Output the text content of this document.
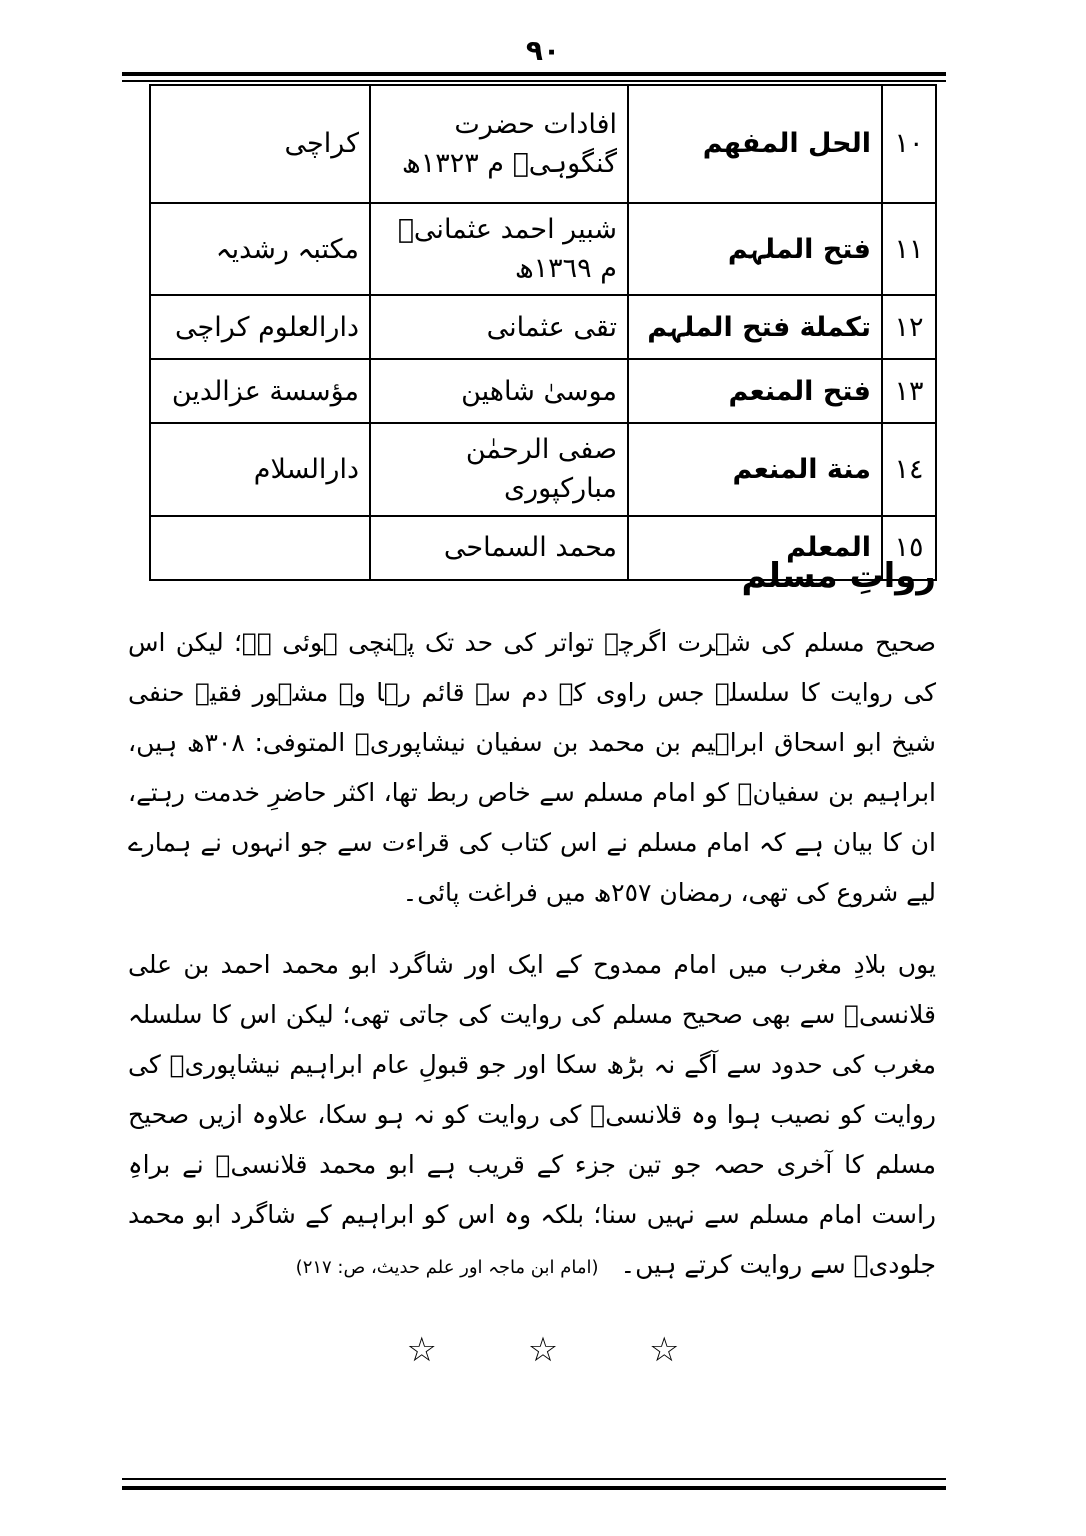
٩٠
١٠	الحل المفهم	افادات حضرت گنگوہیؒ م ١٣٢٣ھ	کراچی
١١	فتح الملہم	شبیر احمد عثمانیؒ م ١٣٦٩ھ	مکتبہ رشدیہ
١٢	تکملة فتح الملہم	تقی عثمانی	دارالعلوم کراچی
١٣	فتح المنعم	موسیٰ شاهين	مؤسسة عزالدین
١٤	منة المنعم	صفی الرحمٰن مبارکپوری	دارالسلام
١٥	المعلم	محمد السماحی	
رواتِ مسلم

صحیح مسلم کی شہرت اگرچہ تواتر کی حد تک پہنچی ہوئی ہے؛ لیکن اس کی روایت کا سلسلہ جس راوی کے دم سے قائم رہا وہ مشہور فقیہ حنفی شیخ ابو اسحاق ابراہیم بن محمد بن سفیان نیشاپوریؒ المتوفی: ٣٠٨ھ ہیں، ابراہیم بن سفیانؒ کو امام مسلم سے خاص ربط تھا، اکثر حاضرِ خدمت رہتے، ان کا بیان ہے کہ امام مسلم نے اس کتاب کی قراءت سے جو انہوں نے ہمارے لیے شروع کی تھی، رمضان ٢٥٧ھ میں فراغت پائی۔

یوں بلادِ مغرب میں امام ممدوح کے ایک اور شاگرد ابو محمد احمد بن علی قلانسیؒ سے بھی صحیح مسلم کی روایت کی جاتی تھی؛ لیکن اس کا سلسلہ مغرب کی حدود سے آگے نہ بڑھ سکا اور جو قبولِ عام ابراہیم نیشاپوریؒ کی روایت کو نصیب ہوا وہ قلانسیؒ کی روایت کو نہ ہو سکا، علاوہ ازیں صحیح مسلم کا آخری حصہ جو تین جزء کے قریب ہے ابو محمد قلانسیؒ نے براہِ راست امام مسلم سے نہیں سنا؛ بلکہ وہ اس کو ابراہیم کے شاگرد ابو محمد جلودیؒ سے روایت کرتے ہیں۔ (امام ابن ماجہ اور علم حدیث، ص: ٢١٧)

☆	☆	☆
